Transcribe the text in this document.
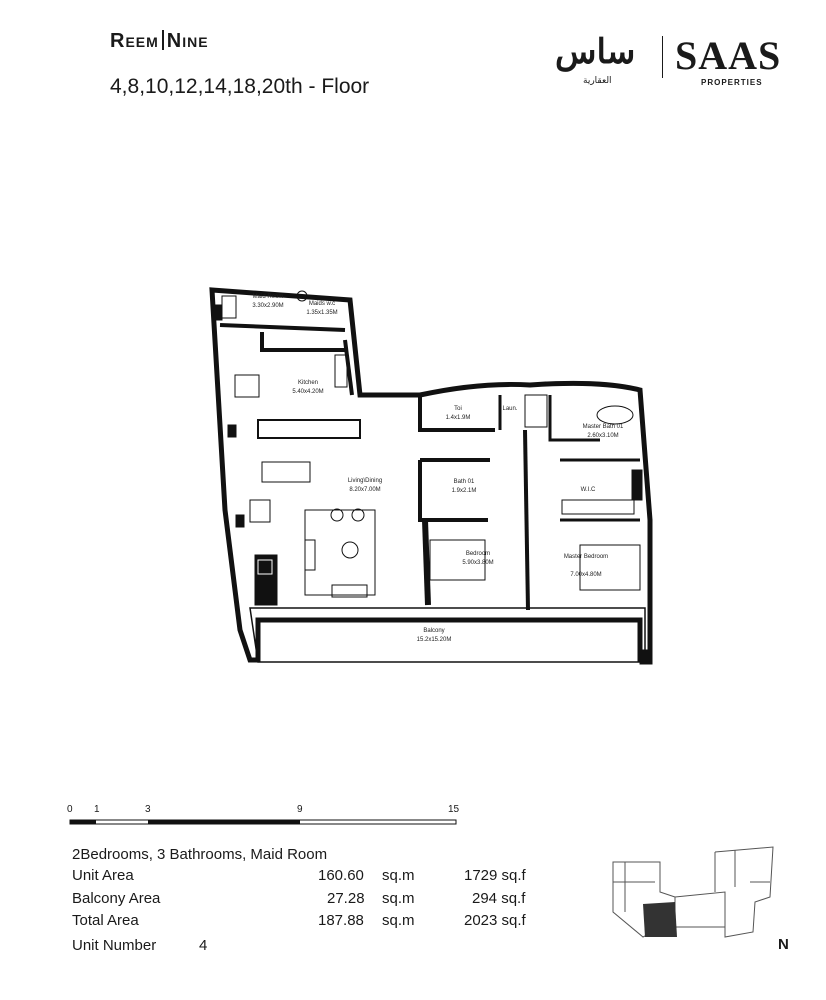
Reem Nine
4,8,10,12,14,18,20th - Floor
ساس
العقارية
SAAS
PROPERTIES
Maid Room
3.30x2.90M	Maids w.c
1.35x1.35M
Kitchen
5.40x4.20M
Living\Dining
8.20x7.00M
Toi
1.4x1.9M
Laun.
Master Bath 01
2.60x3.10M
Bath 01
1.9x2.1M	W.I.C
Bedroom
5.90x3.80M
Master Bedroom
7.00x4.80M
Balcony
15.2x15.20M
0 1	3	9	15
2Bedrooms, 3 Bathrooms, Maid Room
Unit Area	160.60 sq.m	1729 sq.f
Balcony Area	27.28 sq.m	294 sq.f
Total Area	187.88 sq.m	2023 sq.f
Unit Number	4	N
